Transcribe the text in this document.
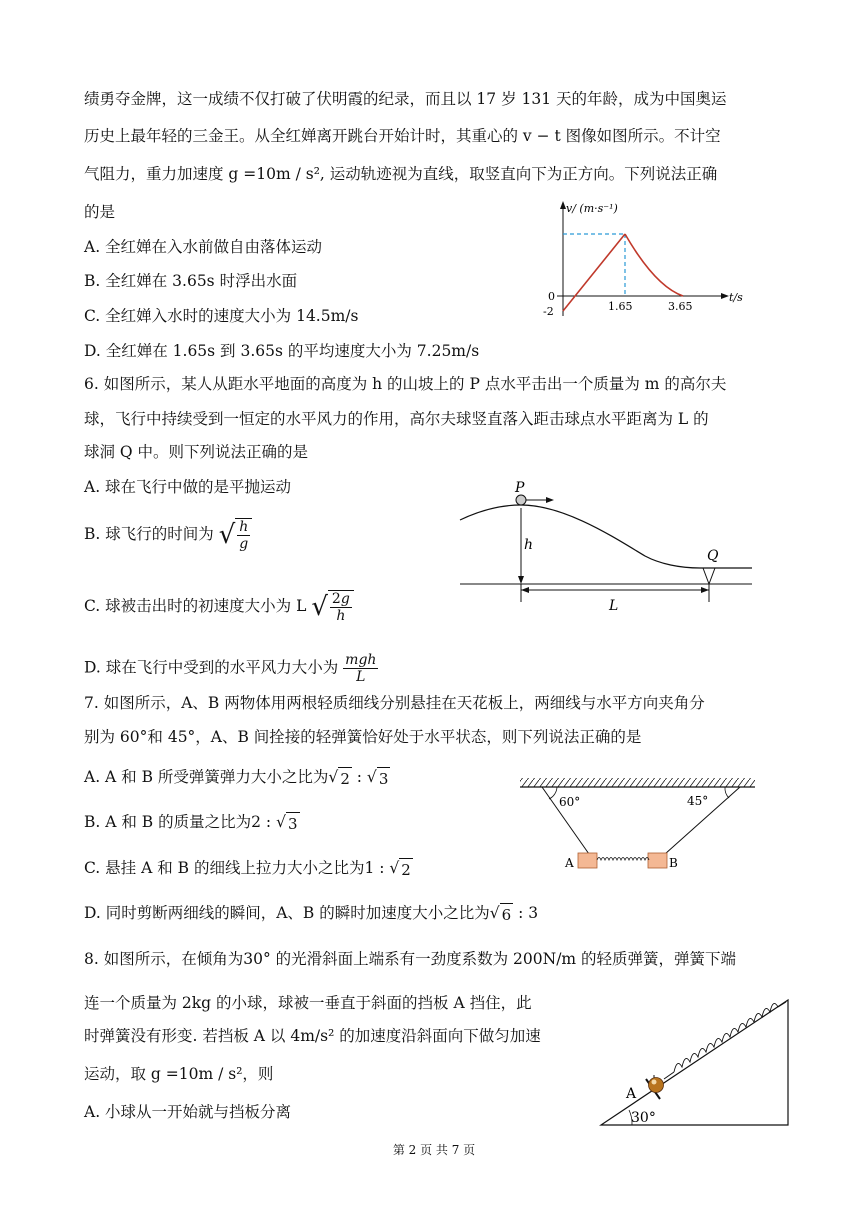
绩勇夺金牌，这一成绩不仅打破了伏明霞的纪录，而且以 17 岁 131 天的年龄，成为中国奥运
历史上最年轻的三金王。从全红婵离开跳台开始计时，其重心的 v − t 图像如图所示。不计空
气阻力，重力加速度 g =10m / s², 运动轨迹视为直线，取竖直向下为正方向。下列说法正确
的是
A. 全红婵在入水前做自由落体运动
B. 全红婵在 3.65s 时浮出水面
C. 全红婵入水时的速度大小为 14.5m/s
D. 全红婵在 1.65s 到 3.65s 的平均速度大小为 7.25m/s
v/ (m·s⁻¹)
t/s
0
-2	1.65	3.65
6. 如图所示，某人从距水平地面的高度为 h 的山坡上的 P 点水平击出一个质量为 m 的高尔夫
球，飞行中持续受到一恒定的水平风力的作用，高尔夫球竖直落入距击球点水平距离为 L 的
球洞 Q 中。则下列说法正确的是
A. 球在飞行中做的是平抛运动
B. 球飞行的时间为 √ $\frac{h}{g}$
C. 球被击出时的初速度大小为 L √ $\frac{2g}{h}$
D. 球在飞行中受到的水平风力大小为 $\frac{\text{mgh}}{L}$
P
h
Q
L
7. 如图所示，A、B 两物体用两根轻质细线分别悬挂在天花板上，两细线与水平方向夹角分
别为 60°和 45°，A、B 间拴接的轻弹簧恰好处于水平状态，则下列说法正确的是
A. A 和 B 所受弹簧弹力大小之比为√ 2 : √ 3
B. A 和 B 的质量之比为2 : √ 3
C. 悬挂 A 和 B 的细线上拉力大小之比为1 : √ 2
D. 同时剪断两细线的瞬间，A、B 的瞬时加速度大小之比为√ 6 : 3
60°	45°
A	B
8. 如图所示，在倾角为30° 的光滑斜面上端系有一劲度系数为 200N/m 的轻质弹簧，弹簧下端
连一个质量为 2kg 的小球，球被一垂直于斜面的挡板 A 挡住，此
时弹簧没有形变. 若挡板 A 以 4m/s² 的加速度沿斜面向下做匀加速
运动，取 g =10m / s²，则
A. 小球从一开始就与挡板分离
A
30°
第 2 页 共 7 页
